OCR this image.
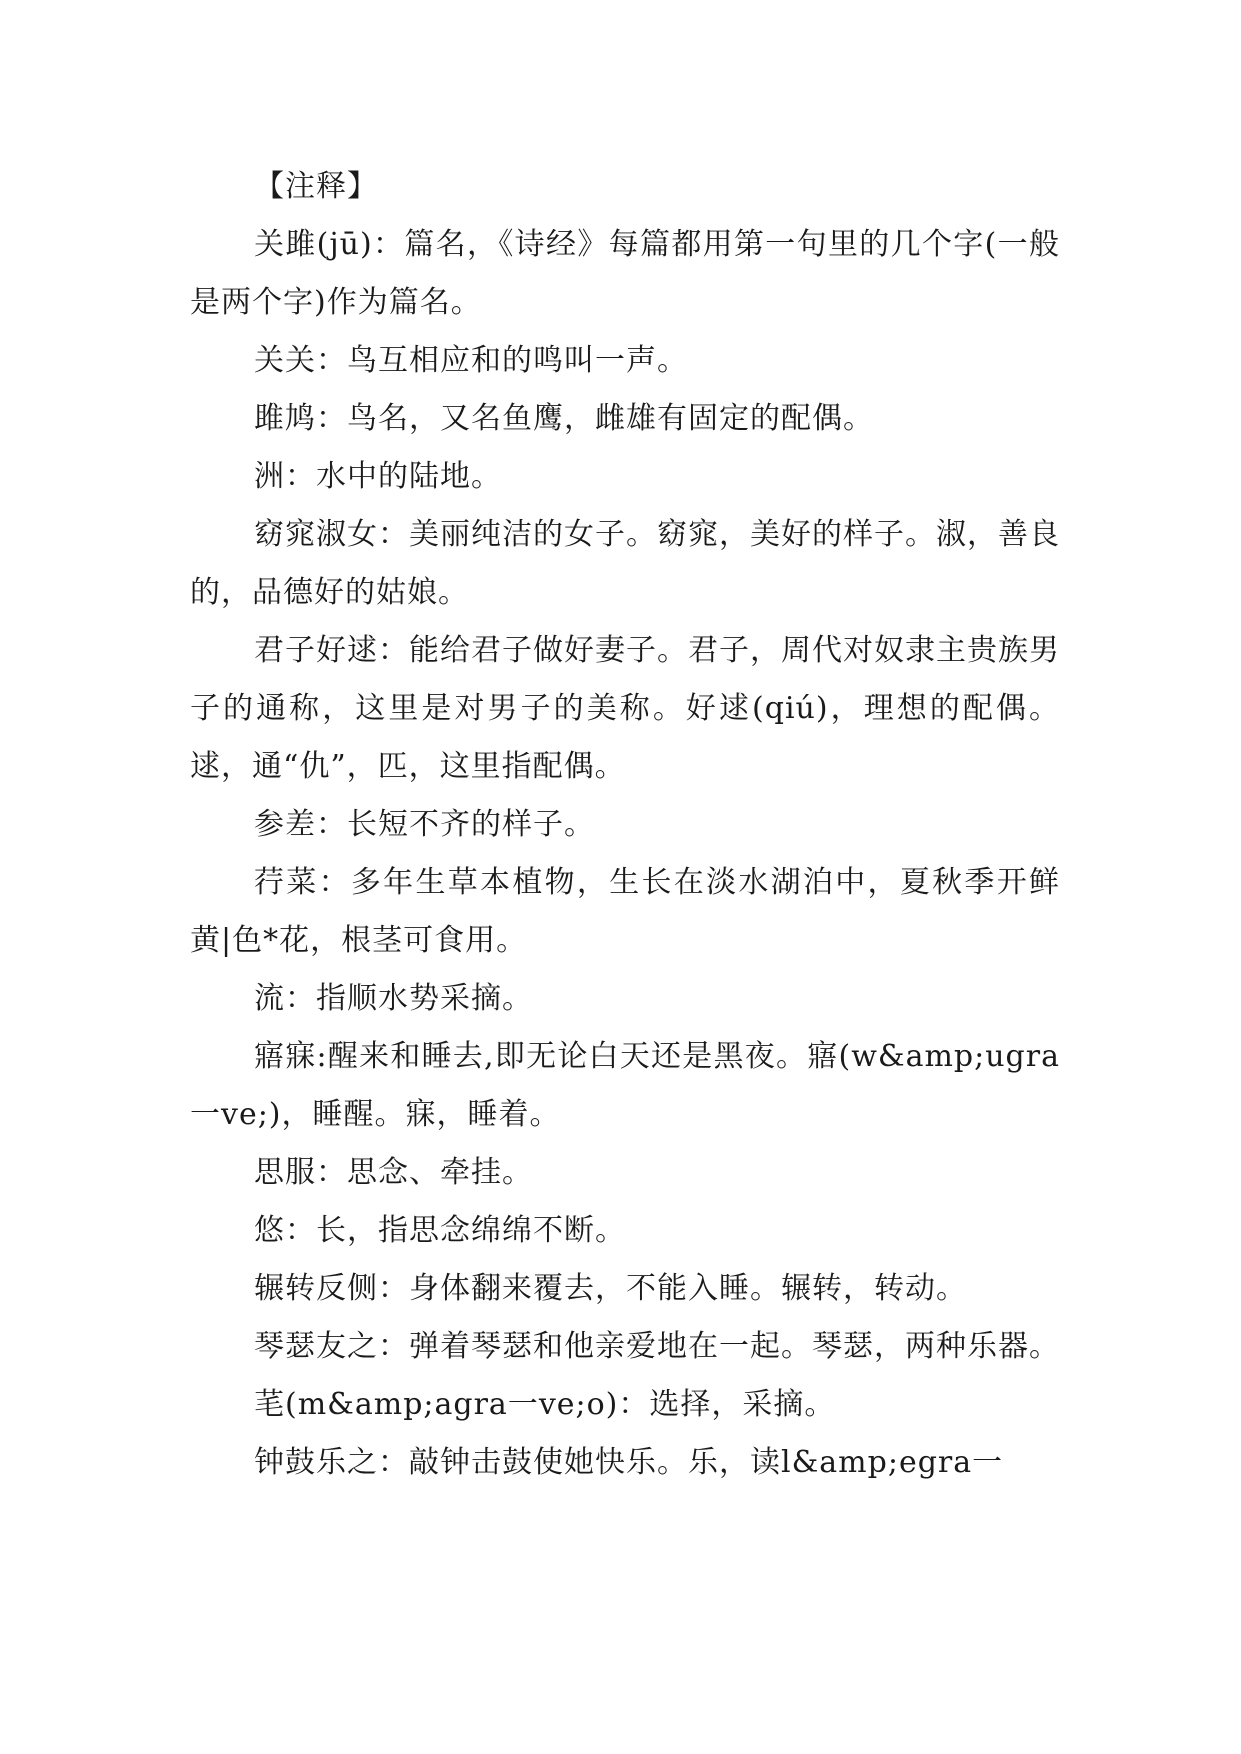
【注释】

关雎(jū)：篇名，《诗经》每篇都用第一句里的几个字(一般是两个字)作为篇名。

关关：鸟互相应和的鸣叫一声。

雎鸠：鸟名，又名鱼鹰，雌雄有固定的配偶。

洲：水中的陆地。

窈窕淑女：美丽纯洁的女子。窈窕，美好的样子。淑，善良的，品德好的姑娘。

君子好逑：能给君子做好妻子。君子，周代对奴隶主贵族男子的通称，这里是对男子的美称。好逑(qiú)，理想的配偶。逑，通“仇”，匹，这里指配偶。

参差：长短不齐的样子。

荇菜：多年生草本植物，生长在淡水湖泊中，夏秋季开鲜黄|色*花，根茎可食用。

流：指顺水势采摘。

寤寐:醒来和睡去,即无论白天还是黑夜。寤(w&amp;ugra一ve;)，睡醒。寐，睡着。

思服：思念、牵挂。

悠：长，指思念绵绵不断。

辗转反侧：身体翻来覆去，不能入睡。辗转，转动。

琴瑟友之：弹着琴瑟和他亲爱地在一起。琴瑟，两种乐器。

芼(m&amp;agra一ve;o)：选择，采摘。

钟鼓乐之：敲钟击鼓使她快乐。乐，读l&amp;egra一
